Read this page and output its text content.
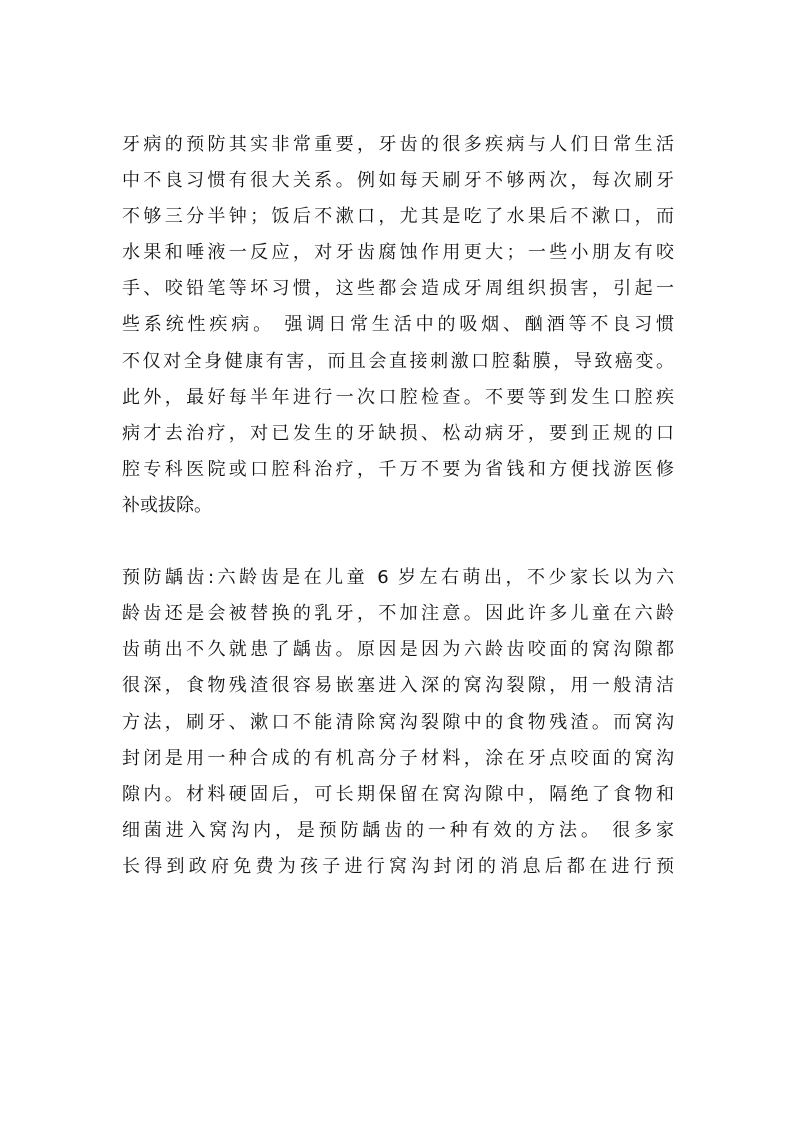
牙病的预防其实非常重要，牙齿的很多疾病与人们日常生活
中不良习惯有很大关系。例如每天刷牙不够两次，每次刷牙
不够三分半钟；饭后不漱口，尤其是吃了水果后不漱口，而
水果和唾液一反应，对牙齿腐蚀作用更大；一些小朋友有咬
手、咬铅笔等坏习惯，这些都会造成牙周组织损害，引起一
些系统性疾病。 强调日常生活中的吸烟、酗酒等不良习惯
不仅对全身健康有害，而且会直接刺激口腔黏膜，导致癌变。
此外，最好每半年进行一次口腔检查。不要等到发生口腔疾
病才去治疗，对已发生的牙缺损、松动病牙，要到正规的口
腔专科医院或口腔科治疗，千万不要为省钱和方便找游医修
补或拔除。
预防龋齿:六龄齿是在儿童 6 岁左右萌出，不少家长以为六
龄齿还是会被替换的乳牙，不加注意。因此许多儿童在六龄
齿萌出不久就患了龋齿。原因是因为六龄齿咬面的窝沟隙都
很深，食物残渣很容易嵌塞进入深的窝沟裂隙，用一般清洁
方法，刷牙、漱口不能清除窝沟裂隙中的食物残渣。而窝沟
封闭是用一种合成的有机高分子材料，涂在牙点咬面的窝沟
隙内。材料硬固后，可长期保留在窝沟隙中，隔绝了食物和
细菌进入窝沟内，是预防龋齿的一种有效的方法。 很多家
长得到政府免费为孩子进行窝沟封闭的消息后都在进行预
